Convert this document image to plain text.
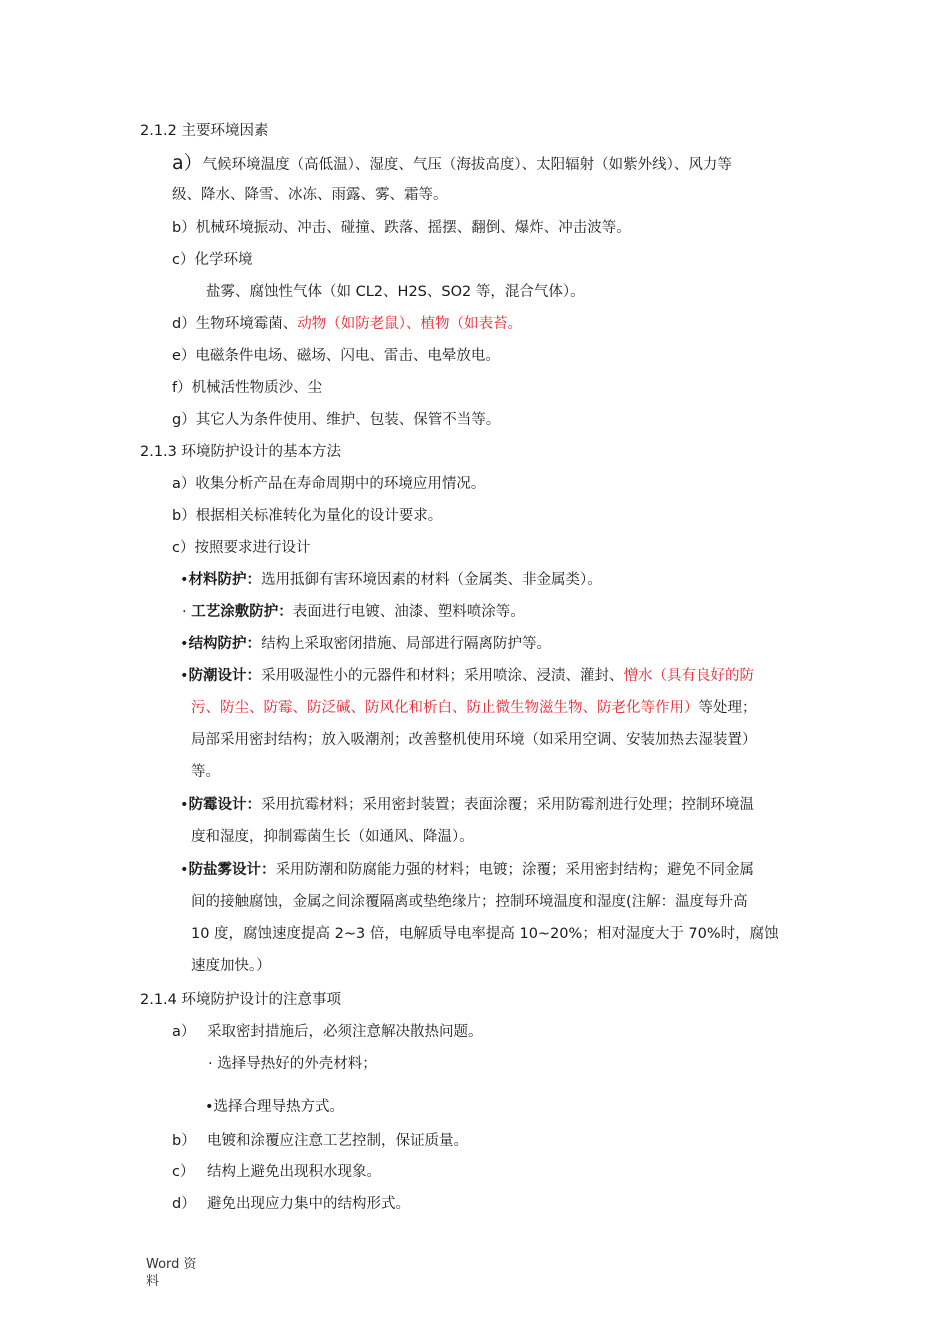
2.1.2 主要环境因素
a）气候环境温度（高低温）、湿度、气压（海拔高度）、太阳辐射（如紫外线）、风力等
级、降水、降雪、冰冻、雨露、雾、霜等。
b）机械环境振动、冲击、碰撞、跌落、摇摆、翻倒、爆炸、冲击波等。
c）化学环境
盐雾、腐蚀性气体（如 CL2、H2S、SO2 等，混合气体）。
d）生物环境霉菌、动物（如防老鼠）、植物（如表苔。
e）电磁条件电场、磁场、闪电、雷击、电晕放电。
f）机械活性物质沙、尘
g）其它人为条件使用、维护、包装、保管不当等。
2.1.3 环境防护设计的基本方法
a）收集分析产品在寿命周期中的环境应用情况。
b）根据相关标准转化为量化的设计要求。
c）按照要求进行设计
•材料防护：选用抵御有害环境因素的材料（金属类、非金属类）。
· 工艺涂敷防护：表面进行电镀、油漆、塑料喷涂等。
•结构防护：结构上采取密闭措施、局部进行隔离防护等。
•防潮设计：采用吸湿性小的元器件和材料；采用喷涂、浸渍、灌封、憎水（具有良好的防
污、防尘、防霉、防泛碱、防风化和析白、防止微生物滋生物、防老化等作用）等处理；
局部采用密封结构；放入吸潮剂；改善整机使用环境（如采用空调、安装加热去湿装置）
等。
•防霉设计：采用抗霉材料；采用密封装置；表面涂覆；采用防霉剂进行处理；控制环境温
度和湿度，抑制霉菌生长（如通风、降温）。
•防盐雾设计：采用防潮和防腐能力强的材料；电镀；涂覆；采用密封结构；避免不同金属
间的接触腐蚀，金属之间涂覆隔离或垫绝缘片；控制环境温度和湿度(注解：温度每升高
10 度，腐蚀速度提高 2~3 倍，电解质导电率提高 10~20%；相对湿度大于 70%时，腐蚀
速度加快。）
2.1.4 环境防护设计的注意事项
a） 采取密封措施后，必须注意解决散热问题。
· 选择导热好的外壳材料；
•选择合理导热方式。
b） 电镀和涂覆应注意工艺控制，保证质量。
c） 结构上避免出现积水现象。
d） 避免出现应力集中的结构形式。
Word 资料
